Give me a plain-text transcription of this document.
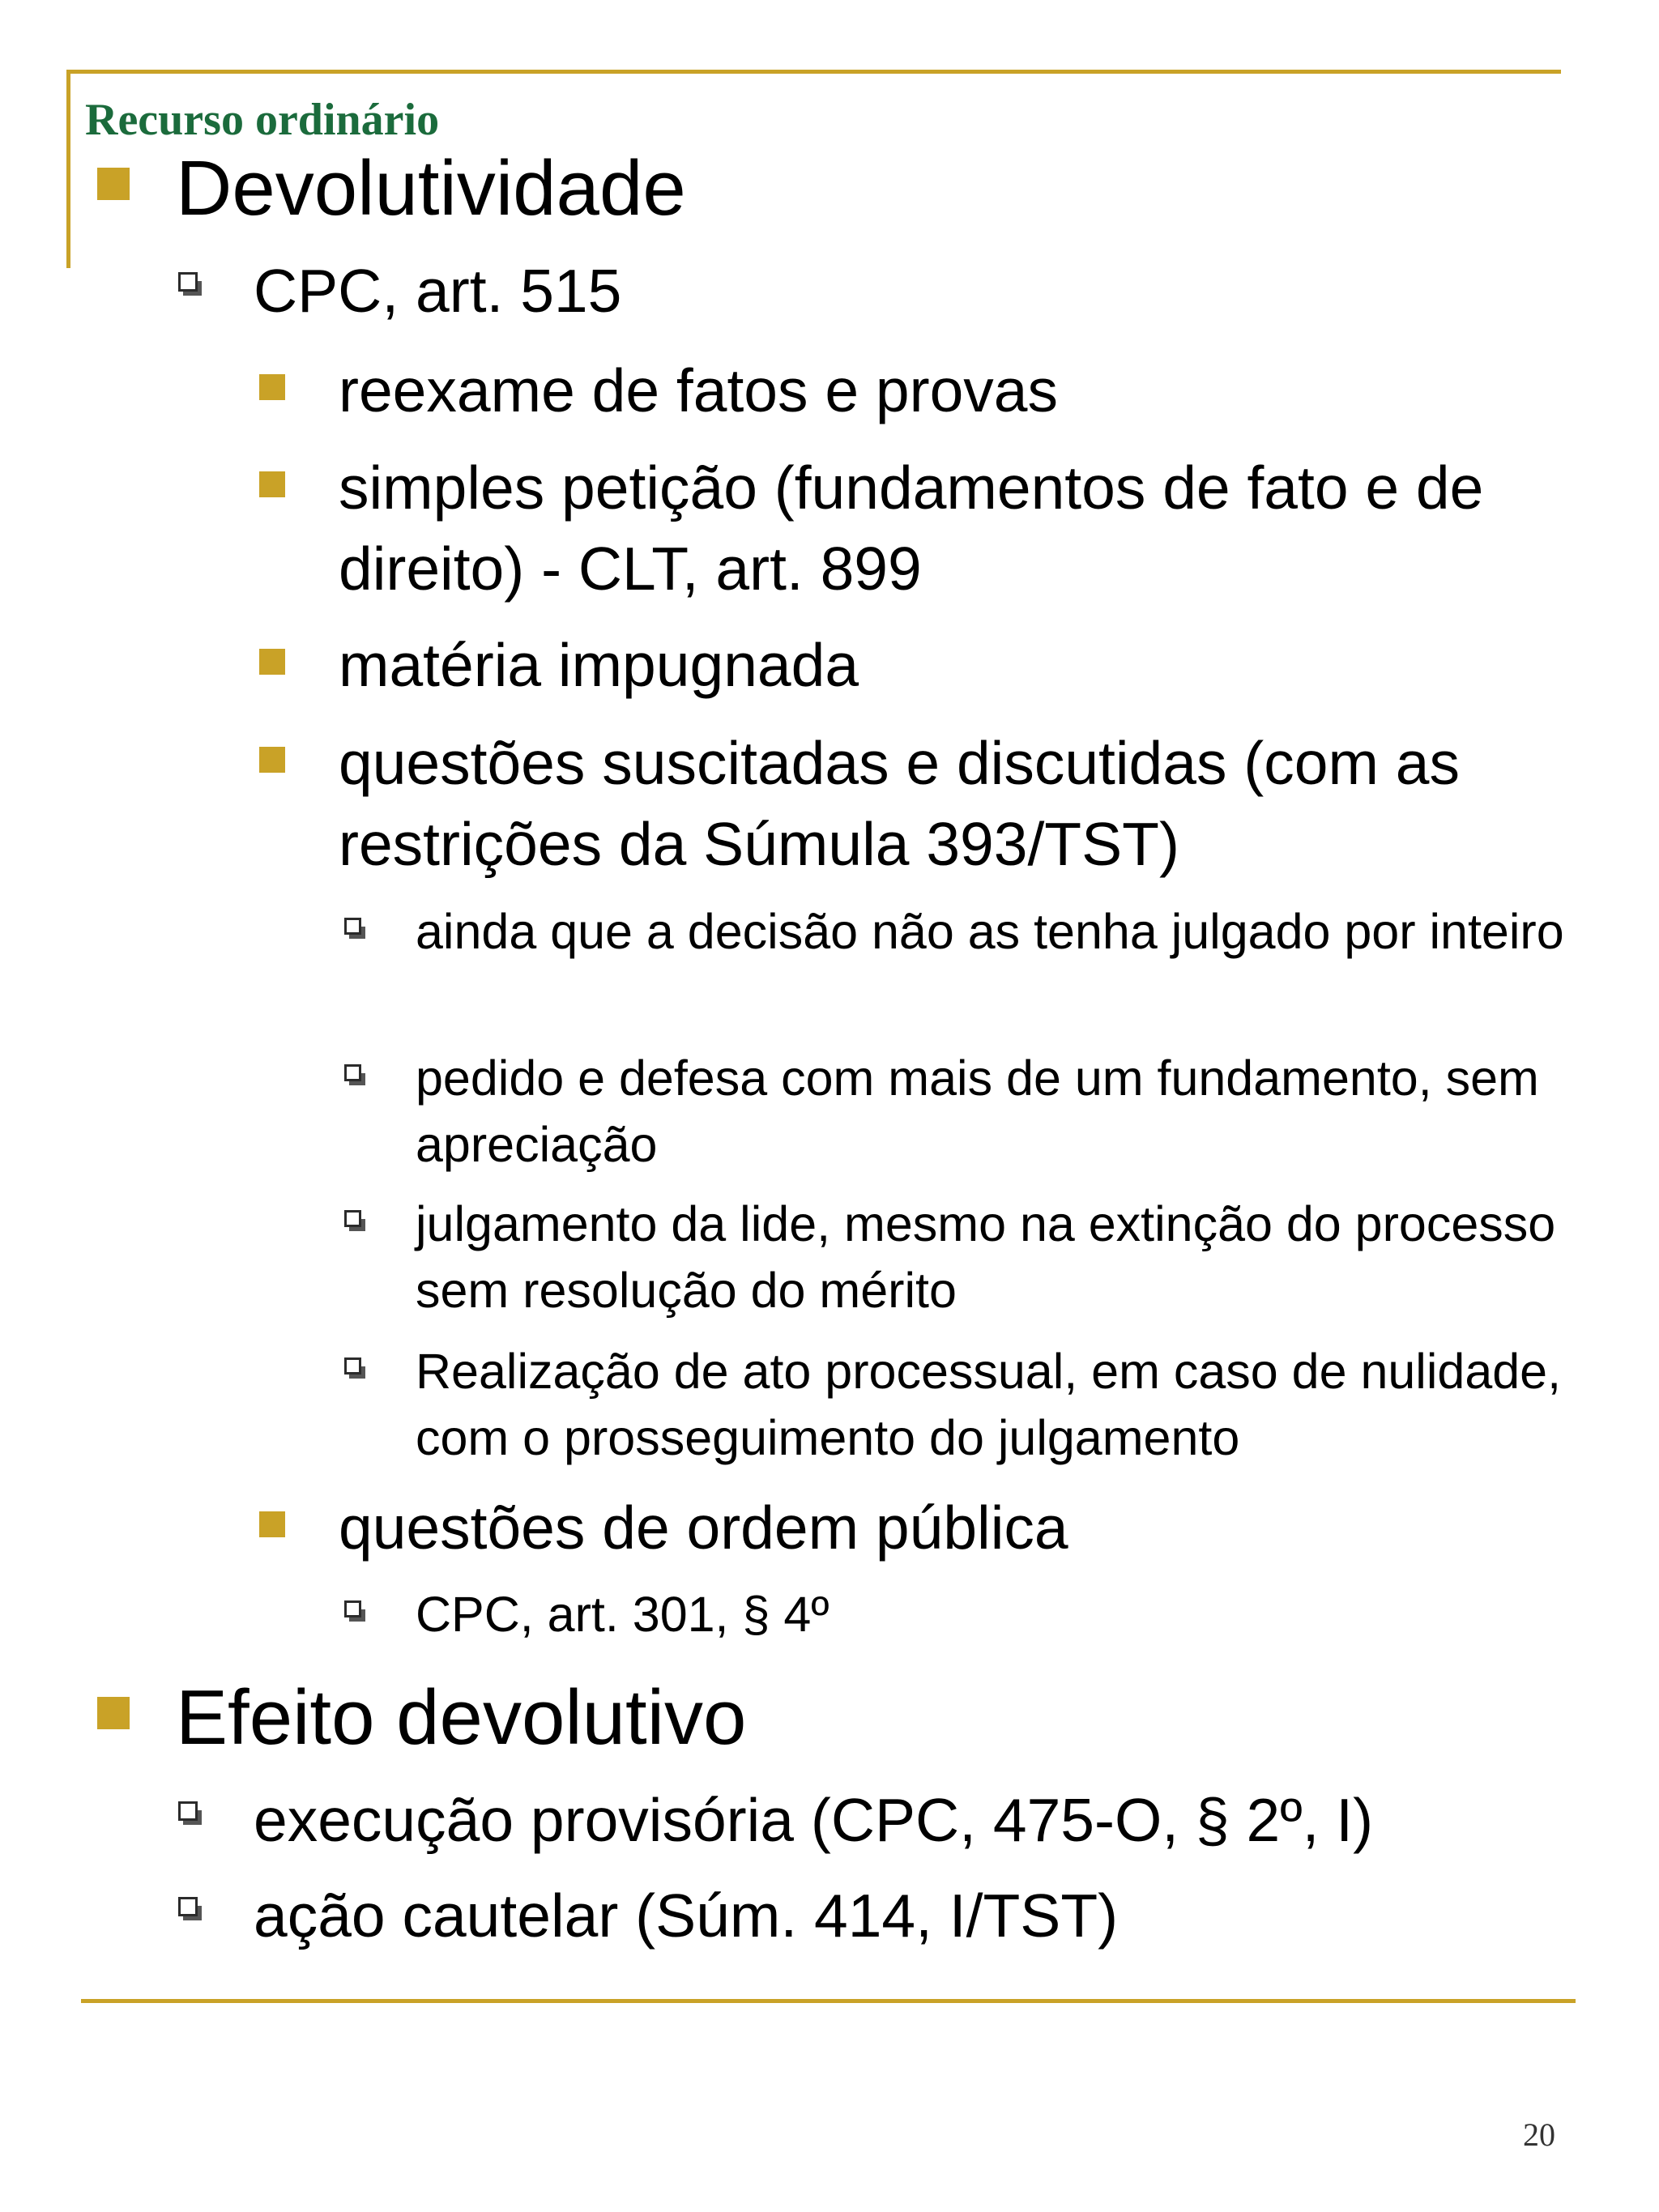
Recurso ordinário
Devolutividade
CPC, art. 515
reexame de fatos e provas
simples petição (fundamentos de fato e de direito) - CLT, art. 899
matéria impugnada
questões suscitadas e discutidas (com as restrições da Súmula 393/TST)
ainda que a decisão não as tenha julgado por inteiro
pedido e defesa com mais de um fundamento, sem apreciação
julgamento da lide, mesmo na extinção do processo sem resolução do mérito
Realização de ato processual, em caso de nulidade, com o prosseguimento do julgamento
questões de ordem pública
CPC, art. 301, § 4º
Efeito devolutivo
execução provisória (CPC, 475-O, § 2º, I)
ação cautelar (Súm. 414, I/TST)
20
